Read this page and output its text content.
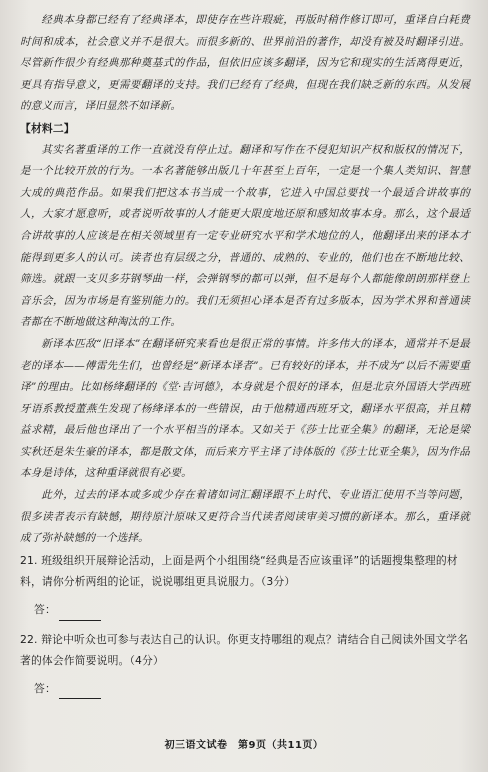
经典本身都已经有了经典译本，即使存在些许瑕疵，再版时稍作修订即可，重译自白耗费时间和成本，社会意义并不是很大。而很多新的、世界前沿的著作，却没有被及时翻译引进。尽管新作很少有经典那种奠基式的作品，但依旧应该多翻译，因为它和现实的生活离得更近，更具有指导意义，更需要翻译的支持。我们已经有了经典，但现在我们缺乏新的东西。从发展的意义而言，译旧显然不如译新。

【材料二】

其实名著重译的工作一直就没有停止过。翻译和写作在不侵犯知识产权和版权的情况下，是一个比较开放的行为。一本名著能够出版几十年甚至上百年，一定是一个集人类知识、智慧大成的典范作品。如果我们把这本书当成一个故事，它进入中国总要找一个最适合讲故事的人，大家才愿意听，或者说听故事的人才能更大限度地还原和感知故事本身。那么，这个最适合讲故事的人应该是在相关领域里有一定专业研究水平和学术地位的人，他翻译出来的译本才能得到更多人的认可。读者也有层级之分，普通的、成熟的、专业的，他们也在不断地比较、筛选。就跟一支贝多芬钢琴曲一样，会弹钢琴的都可以弹，但不是每个人都能像朗朗那样登上音乐会，因为市场是有鉴别能力的。我们无须担心译本是否有过多版本，因为学术界和普通读者都在不断地做这种淘汰的工作。

新译本匹敌“旧译本”在翻译研究来看也是很正常的事情。许多伟大的译本，通常并不是最老的译本——傅雷先生们，也曾经是“新译本译者”。已有较好的译本，并不成为“以后不需要重译”的理由。比如杨绛翻译的《堂·吉诃德》，本身就是个很好的译本，但是北京外国语大学西班牙语系教授董燕生发现了杨绛译本的一些错误，由于他精通西班牙文，翻译水平很高，并且精益求精，最后他也译出了一个水平相当的译本。又如关于《莎士比亚全集》的翻译，无论是梁实秋还是朱生豪的译本，都是散文体，而后来方平主译了诗体版的《莎士比亚全集》，因为作品本身是诗体，这种重译就很有必要。

此外，过去的译本或多或少存在着诸如词汇翻译跟不上时代、专业语汇使用不当等问题，很多读者表示有缺憾，期待原汁原味又更符合当代读者阅读审美习惯的新译本。那么，重译就成了弥补缺憾的一个选择。

21. 班级组织开展辩论活动，上面是两个小组围绕“经典是否应该重译”的话题搜集整理的材料，请你分析两组的论证，说说哪组更具说服力。（3分）
答：
22. 辩论中听众也可参与表达自己的认识。你更支持哪组的观点？请结合自己阅读外国文学名著的体会作简要说明。（4分）
答：
初三语文试卷　第9页（共11页）
